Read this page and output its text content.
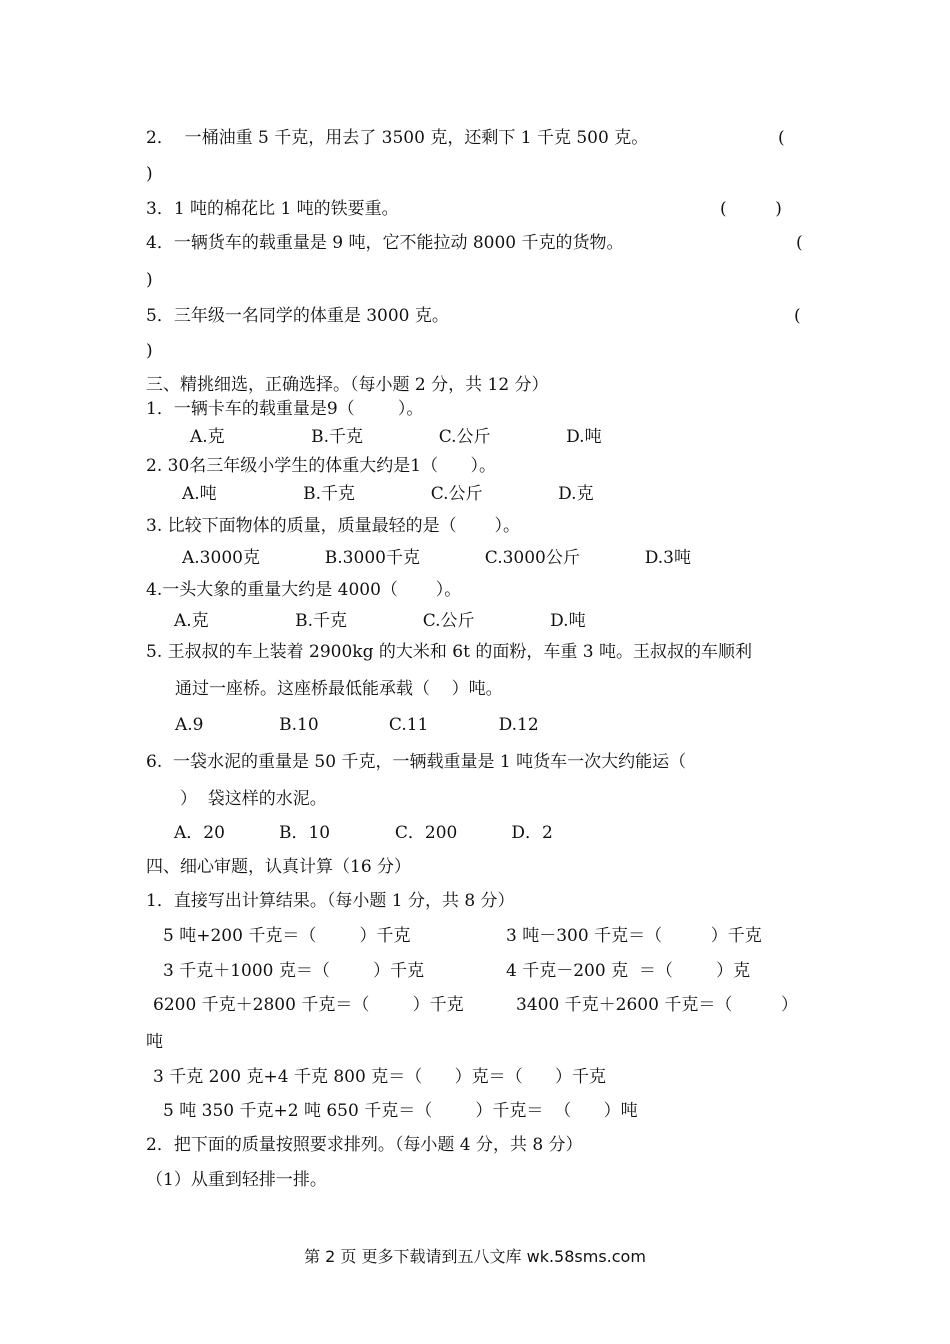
2．  一桶油重 5 千克，用去了 3500 克，还剩下 1 千克 500 克。	(
)
3．1 吨的棉花比 1 吨的铁要重。	(         )
4．一辆货车的载重量是 9 吨，它不能拉动 8000 千克的货物。	(
)
5．三年级一名同学的体重是 3000 克。	(
)
三、精挑细选，正确选择。（每小题 2 分，共 12 分）
1．一辆卡车的载重量是9（        ）。
A.克                B.千克              C.公斤              D.吨
2. 30名三年级小学生的体重大约是1（      ）。
A.吨                B.千克              C.公斤              D.克
3. 比较下面物体的质量，质量最轻的是（       ）。
A.3000克            B.3000千克            C.3000公斤            D.3吨
4.一头大象的重量大约是 4000（       ）。
A.克                B.千克              C.公斤              D.吨
5. 王叔叔的车上装着 2900kg 的大米和 6t 的面粉，车重 3 吨。王叔叔的车顺利
通过一座桥。这座桥最低能承载（    ）吨。
A.9              B.10             C.11             D.12
6.  一袋水泥的重量是 50 千克，一辆载重量是 1 吨货车一次大约能运（
）  袋这样的水泥。
A．20          B．10            C．200          D．2
四、细心审题，认真计算（16 分）
1．直接写出计算结果。（每小题 1 分，共 8 分）
5 吨+200 千克＝（        ）千克	3 吨－300 千克＝（         ）千克
3 千克＋1000 克＝（        ）千克	4 千克－200 克  ＝（        ）克
6200 千克＋2800 千克＝（        ）千克	3400 千克＋2600 千克＝（         ）
吨
3 千克 200 克+4 千克 800 克＝（      ）克＝（      ）千克
5 吨 350 千克+2 吨 650 千克＝（        ）千克＝  （      ）吨
2．把下面的质量按照要求排列。（每小题 4 分，共 8 分）
（1）从重到轻排一排。
第 2 页 更多下载请到五八文库 wk.58sms.com
